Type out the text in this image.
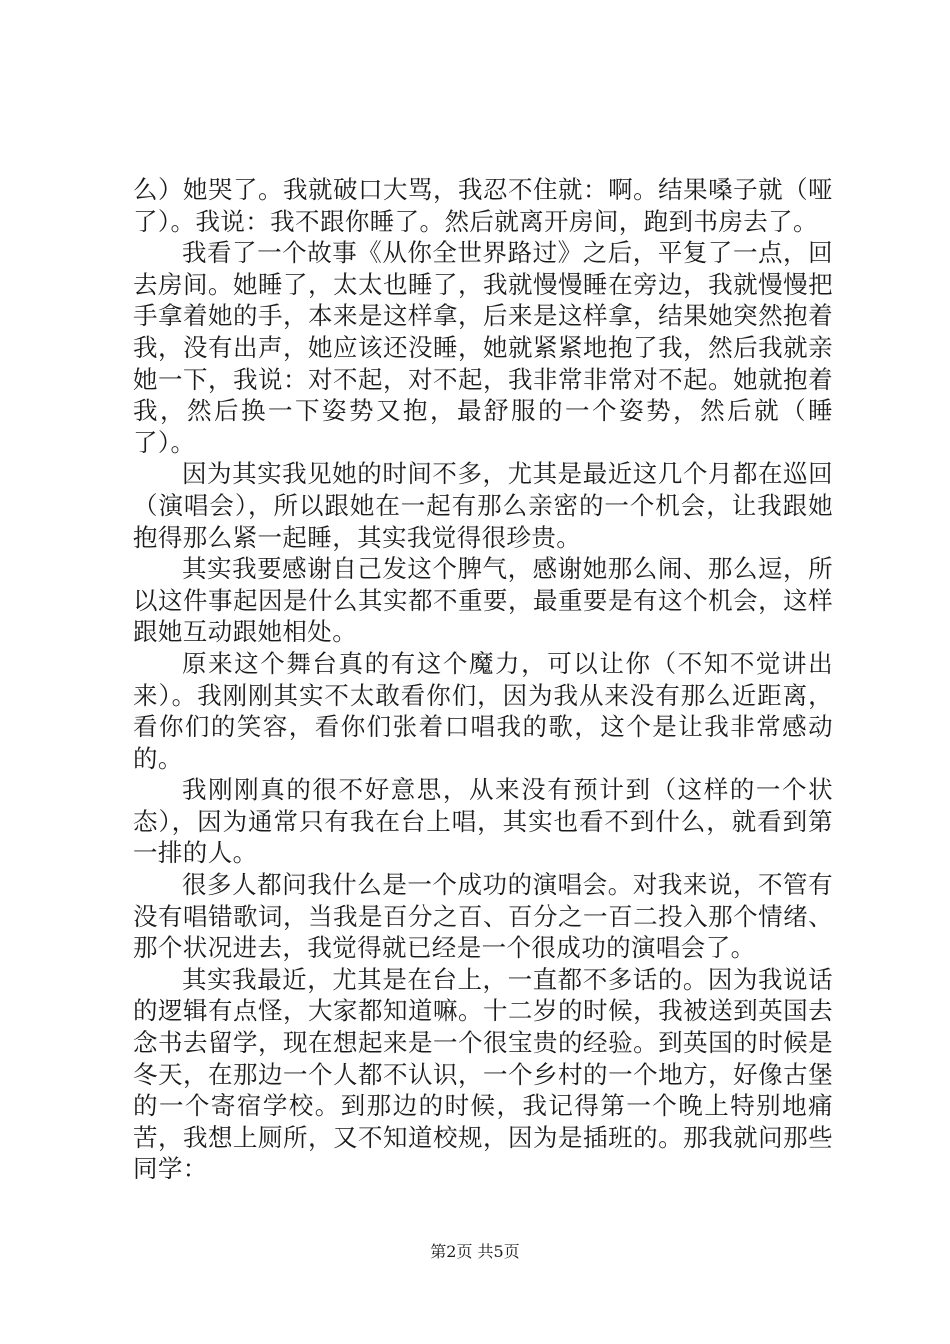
么）她哭了。我就破口大骂，我忍不住就：啊。结果嗓子就（哑了）。我说：我不跟你睡了。然后就离开房间，跑到书房去了。

我看了一个故事《从你全世界路过》之后，平复了一点，回去房间。她睡了，太太也睡了，我就慢慢睡在旁边，我就慢慢把手拿着她的手，本来是这样拿，后来是这样拿，结果她突然抱着我，没有出声，她应该还没睡，她就紧紧地抱了我，然后我就亲她一下，我说：对不起，对不起，我非常非常对不起。她就抱着我，然后换一下姿势又抱，最舒服的一个姿势，然后就（睡了）。

因为其实我见她的时间不多，尤其是最近这几个月都在巡回（演唱会），所以跟她在一起有那么亲密的一个机会，让我跟她抱得那么紧一起睡，其实我觉得很珍贵。

其实我要感谢自己发这个脾气，感谢她那么闹、那么逗，所以这件事起因是什么其实都不重要，最重要是有这个机会，这样跟她互动跟她相处。

原来这个舞台真的有这个魔力，可以让你（不知不觉讲出来）。我刚刚其实不太敢看你们，因为我从来没有那么近距离，看你们的笑容，看你们张着口唱我的歌，这个是让我非常感动的。

我刚刚真的很不好意思，从来没有预计到（这样的一个状态），因为通常只有我在台上唱，其实也看不到什么，就看到第一排的人。

很多人都问我什么是一个成功的演唱会。对我来说，不管有没有唱错歌词，当我是百分之百、百分之一百二投入那个情绪、那个状况进去，我觉得就已经是一个很成功的演唱会了。

其实我最近，尤其是在台上，一直都不多话的。因为我说话的逻辑有点怪，大家都知道嘛。十二岁的时候，我被送到英国去念书去留学，现在想起来是一个很宝贵的经验。到英国的时候是冬天，在那边一个人都不认识，一个乡村的一个地方，好像古堡的一个寄宿学校。到那边的时候，我记得第一个晚上特别地痛苦，我想上厕所，又不知道校规，因为是插班的。那我就问那些同学：

第2页 共5页
